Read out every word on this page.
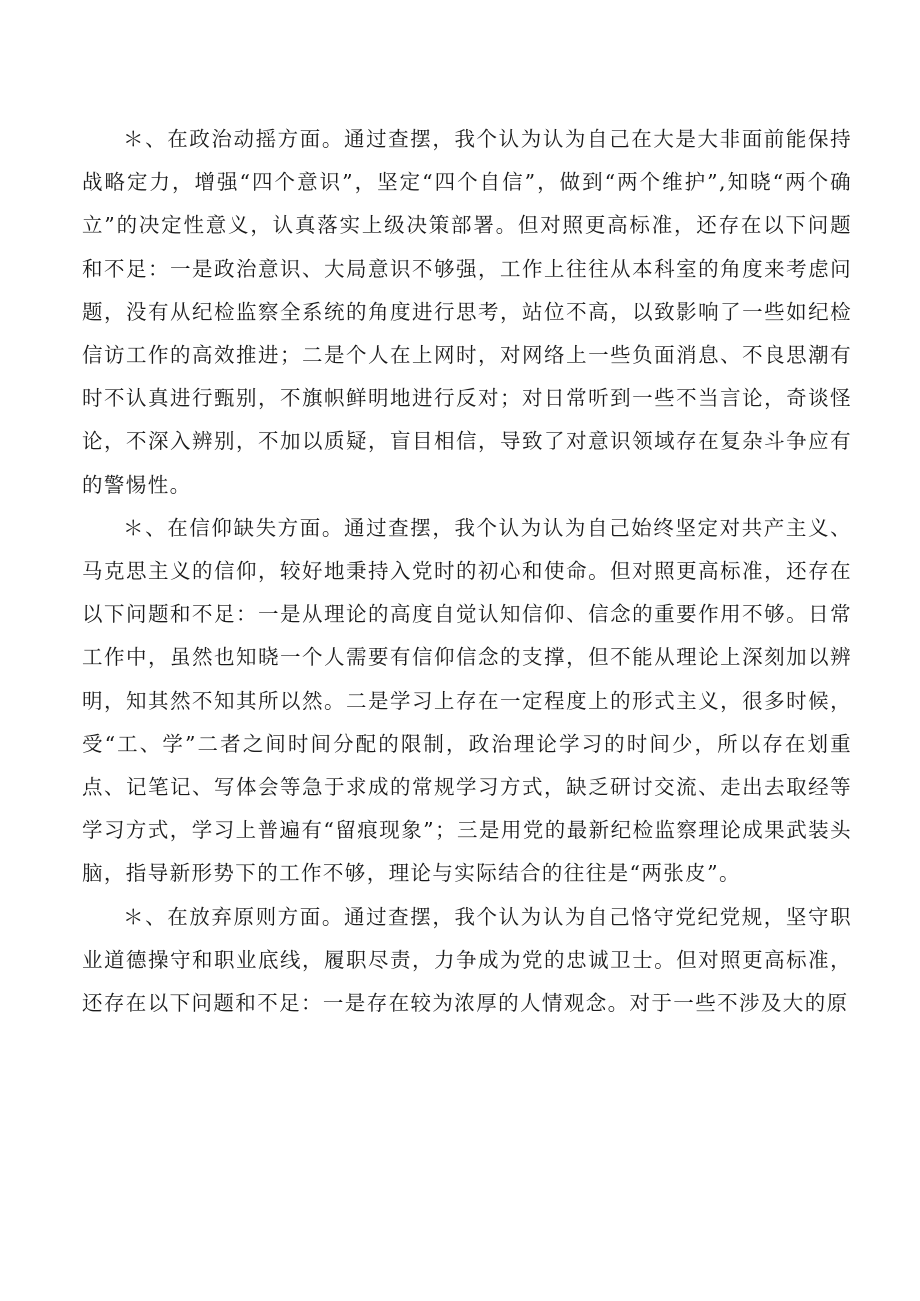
＊、在政治动摇方面。通过查摆，我个认为认为自己在大是大非面前能保持战略定力，增强“四个意识”，坚定“四个自信”，做到“两个维护”,知晓“两个确立”的决定性意义，认真落实上级决策部署。但对照更高标准，还存在以下问题和不足：一是政治意识、大局意识不够强，工作上往往从本科室的角度来考虑问题，没有从纪检监察全系统的角度进行思考，站位不高，以致影响了一些如纪检信访工作的高效推进；二是个人在上网时，对网络上一些负面消息、不良思潮有时不认真进行甄别，不旗帜鲜明地进行反对；对日常听到一些不当言论，奇谈怪论，不深入辨别，不加以质疑，盲目相信，导致了对意识领域存在复杂斗争应有的警惕性。

＊、在信仰缺失方面。通过查摆，我个认为认为自己始终坚定对共产主义、马克思主义的信仰，较好地秉持入党时的初心和使命。但对照更高标准，还存在以下问题和不足：一是从理论的高度自觉认知信仰、信念的重要作用不够。日常工作中，虽然也知晓一个人需要有信仰信念的支撑，但不能从理论上深刻加以辨明，知其然不知其所以然。二是学习上存在一定程度上的形式主义，很多时候，受“工、学”二者之间时间分配的限制，政治理论学习的时间少，所以存在划重点、记笔记、写体会等急于求成的常规学习方式，缺乏研讨交流、走出去取经等学习方式，学习上普遍有“留痕现象”；三是用党的最新纪检监察理论成果武装头脑，指导新形势下的工作不够，理论与实际结合的往往是“两张皮”。

＊、在放弃原则方面。通过查摆，我个认为认为自己恪守党纪党规，坚守职业道德操守和职业底线，履职尽责，力争成为党的忠诚卫士。但对照更高标准，还存在以下问题和不足：一是存在较为浓厚的人情观念。对于一些不涉及大的原
